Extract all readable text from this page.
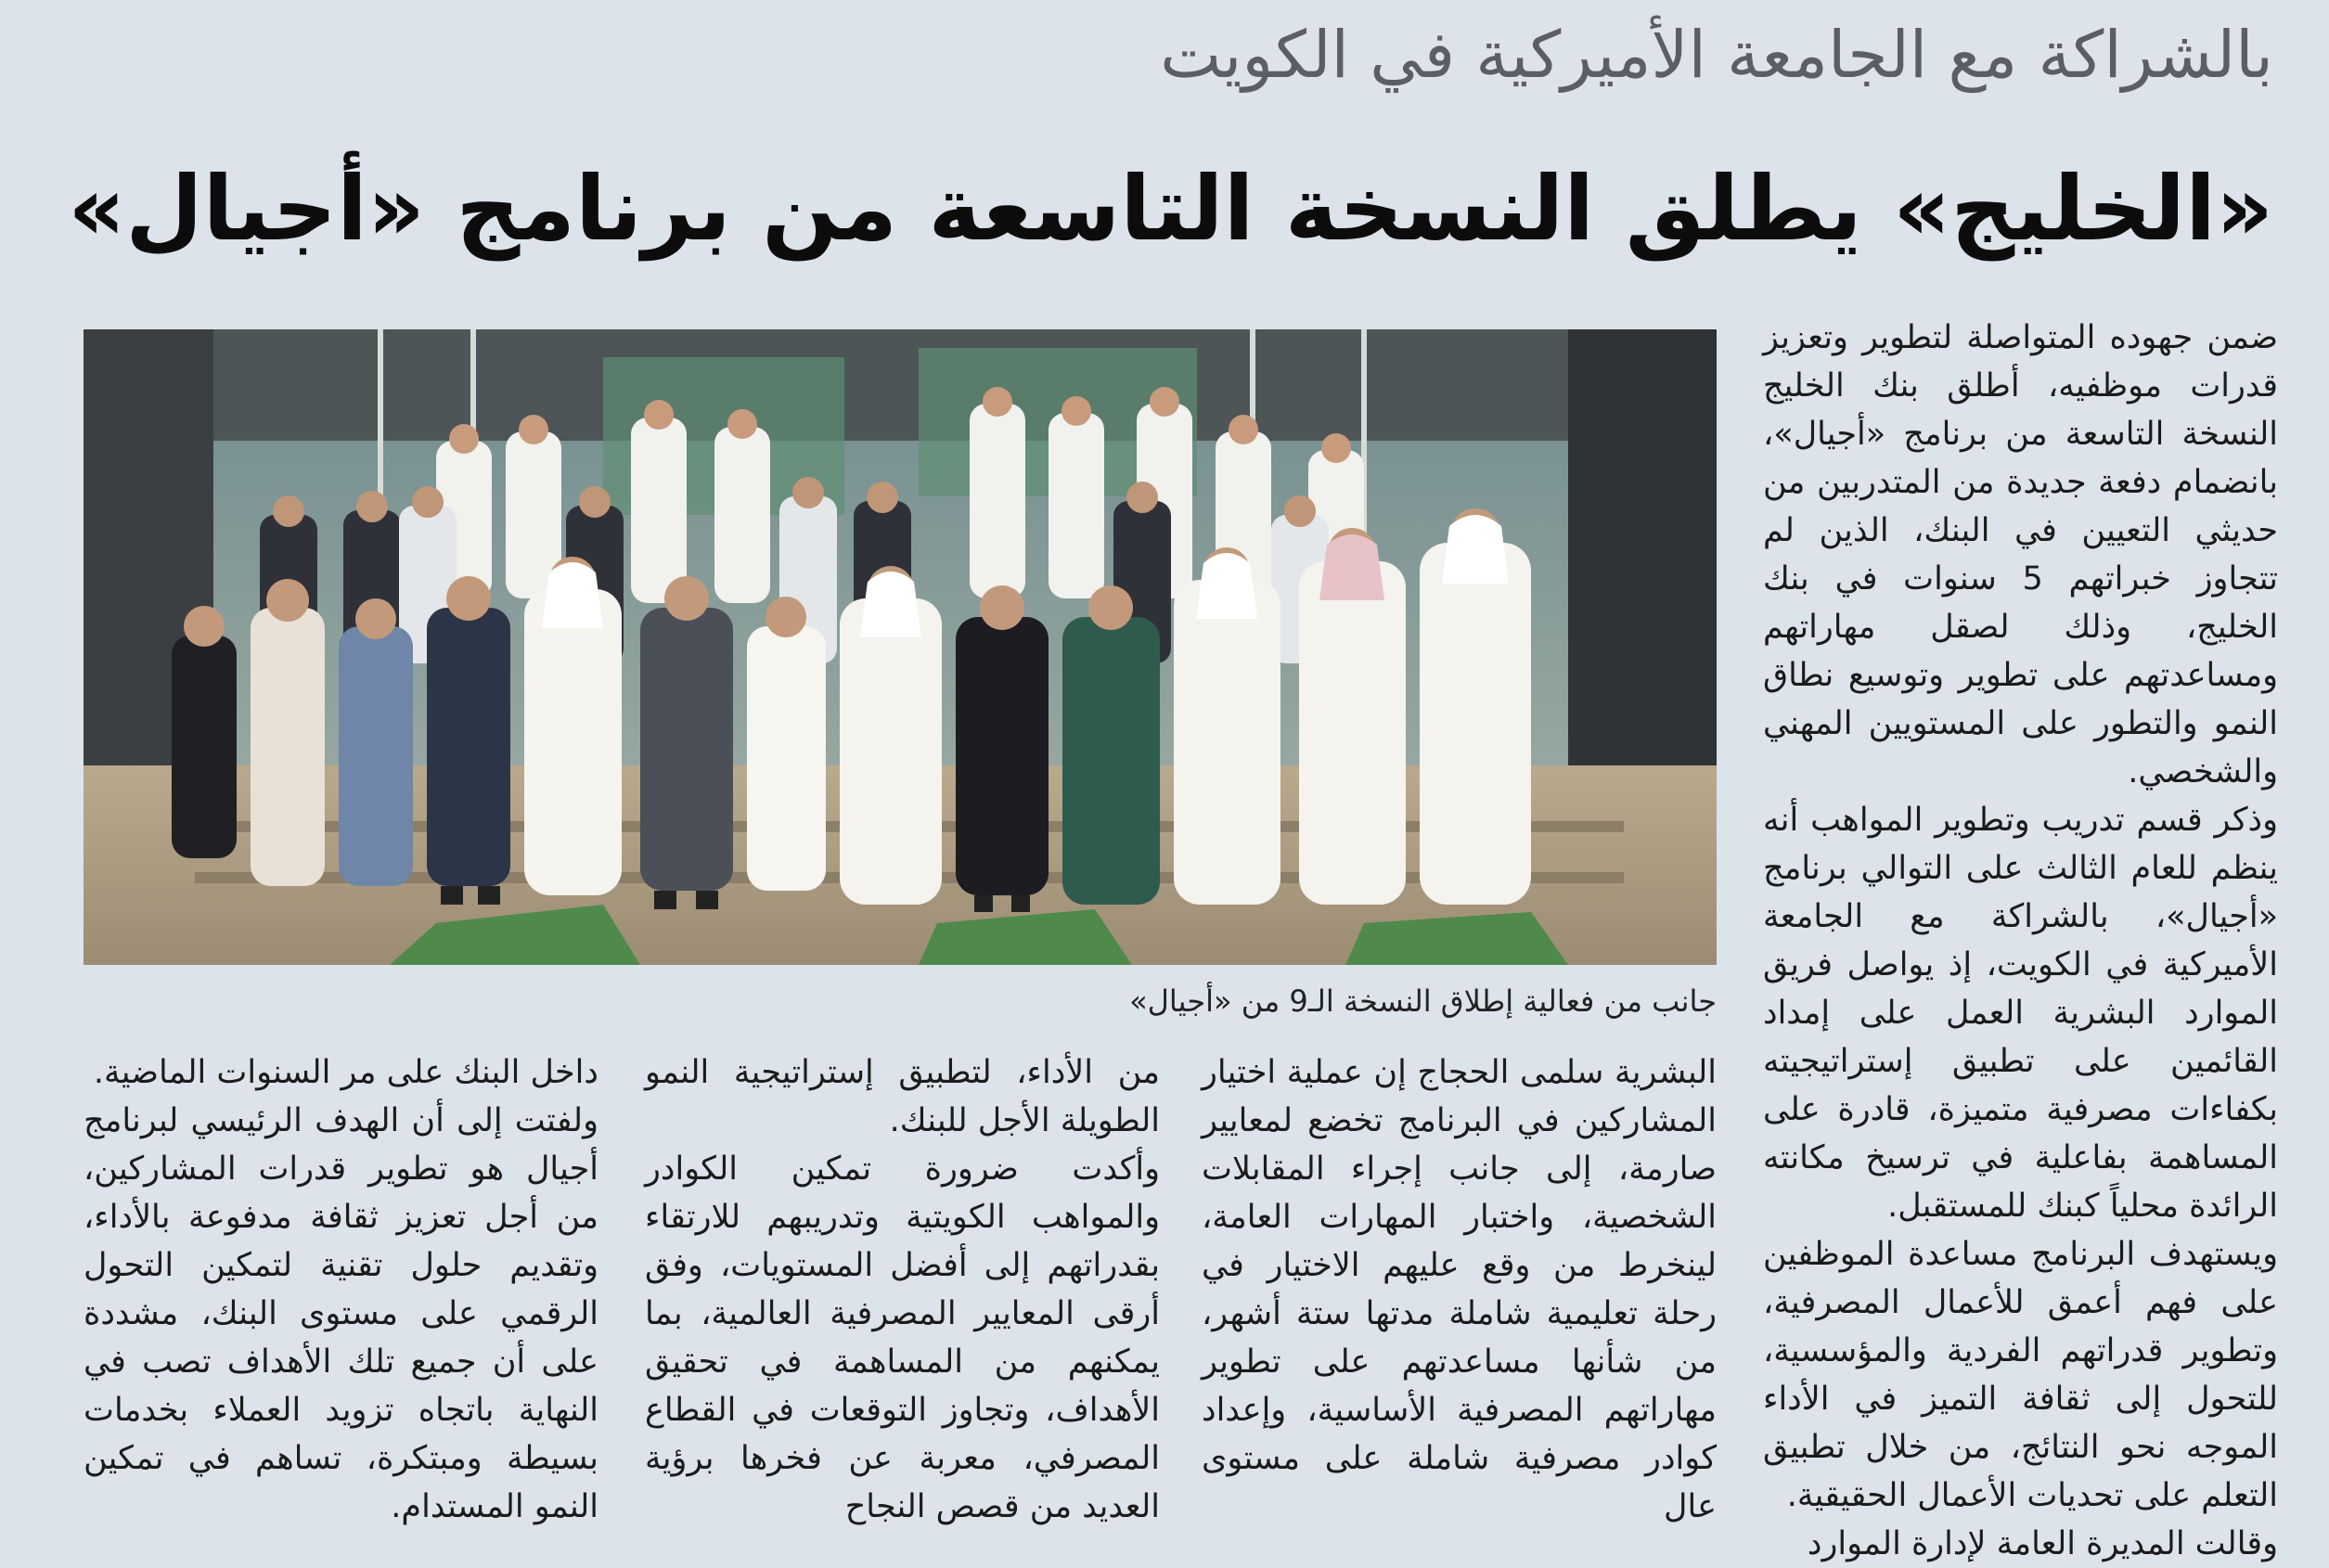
بالشراكة مع الجامعة الأميركية في الكويت
«الخليج» يطلق النسخة التاسعة من برنامج «أجيال»
جانب من فعالية إطلاق النسخة الـ9 من «أجيال»

ضمن جهوده المتواصلة لتطوير وتعزيز قدرات موظفيه، أطلق بنك الخليج النسخة التاسعة من برنامج «أجيال»، بانضمام دفعة جديدة من المتدربين من حديثي التعيين في البنك، الذين لم تتجاوز خبراتهم 5 سنوات في بنك الخليج، وذلك لصقل مهاراتهم ومساعدتهم على تطوير وتوسيع نطاق النمو والتطور على المستويين المهني والشخصي.

وذكر قسم تدريب وتطوير المواهب أنه ينظم للعام الثالث على التوالي برنامج «أجيال»، بالشراكة مع الجامعة الأميركية في الكويت، إذ يواصل فريق الموارد البشرية العمل على إمداد القائمين على تطبيق إستراتيجيته بكفاءات مصرفية متميزة، قادرة على المساهمة بفاعلية في ترسيخ مكانته الرائدة محلياً كبنك للمستقبل.

ويستهدف البرنامج مساعدة الموظفين على فهم أعمق للأعمال المصرفية، وتطوير قدراتهم الفردية والمؤسسية، للتحول إلى ثقافة التميز في الأداء الموجه نحو النتائج، من خلال تطبيق التعلم على تحديات الأعمال الحقيقية.

وقالت المديرة العامة لإدارة الموارد

البشرية سلمى الحجاج إن عملية اختيار المشاركين في البرنامج تخضع لمعايير صارمة، إلى جانب إجراء المقابلات الشخصية، واختبار المهارات العامة، لينخرط من وقع عليهم الاختيار في رحلة تعليمية شاملة مدتها ستة أشهر، من شأنها مساعدتهم على تطوير مهاراتهم المصرفية الأساسية، وإعداد كوادر مصرفية شاملة على مستوى عال

من الأداء، لتطبيق إستراتيجية النمو الطويلة الأجل للبنك.

وأكدت ضرورة تمكين الكوادر والمواهب الكويتية وتدريبهم للارتقاء بقدراتهم إلى أفضل المستويات، وفق أرقى المعايير المصرفية العالمية، بما يمكنهم من المساهمة في تحقيق الأهداف، وتجاوز التوقعات في القطاع المصرفي، معربة عن فخرها برؤية العديد من قصص النجاح

داخل البنك على مر السنوات الماضية.

ولفتت إلى أن الهدف الرئيسي لبرنامج أجيال هو تطوير قدرات المشاركين، من أجل تعزيز ثقافة مدفوعة بالأداء، وتقديم حلول تقنية لتمكين التحول الرقمي على مستوى البنك، مشددة على أن جميع تلك الأهداف تصب في النهاية باتجاه تزويد العملاء بخدمات بسيطة ومبتكرة، تساهم في تمكين النمو المستدام.
